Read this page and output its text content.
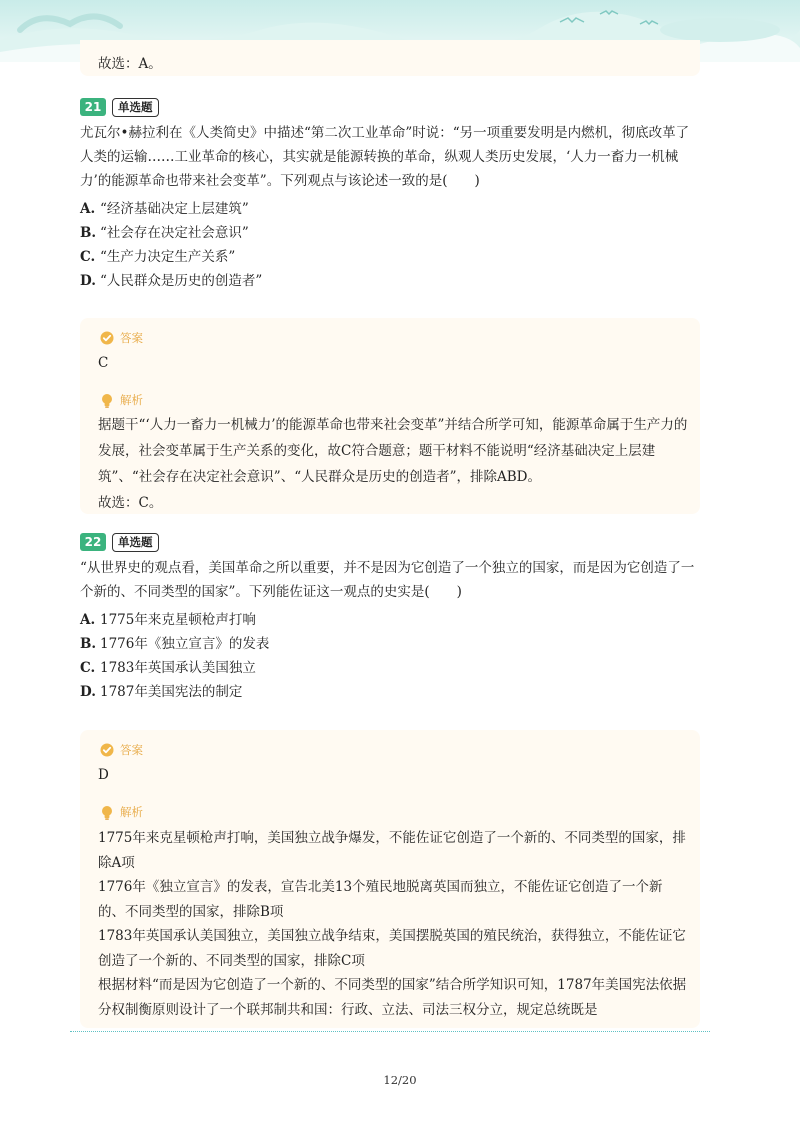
故选：A。

21	单选题

尤瓦尔•赫拉利在《人类简史》中描述“第二次工业革命”时说：“另一项重要发明是内燃机，彻底改革了人类的运输……工业革命的核心，其实就是能源转换的革命，纵观人类历史发展，‘人力一畜力一机械力’的能源革命也带来社会变革”。下列观点与该论述一致的是(　　)

A. “经济基础决定上层建筑”
B. “社会存在决定社会意识”
C. “生产力决定生产关系”
D. “人民群众是历史的创造者”
答案
C
解析

据题干“‘人力一畜力一机械力’的能源革命也带来社会变革”并结合所学可知，能源革命属于生产力的发展，社会变革属于生产关系的变化，故C符合题意；题干材料不能说明“经济基础决定上层建筑”、“社会存在决定社会意识”、“人民群众是历史的创造者”，排除ABD。

故选：C。

22	单选题

“从世界史的观点看，美国革命之所以重要，并不是因为它创造了一个独立的国家，而是因为它创造了一个新的、不同类型的国家”。下列能佐证这一观点的史实是(　　)

A. 1775年来克星顿枪声打响
B. 1776年《独立宣言》的发表
C. 1783年英国承认美国独立
D. 1787年美国宪法的制定
答案
D
解析

1775年来克星顿枪声打响，美国独立战争爆发，不能佐证它创造了一个新的、不同类型的国家，排除A项

1776年《独立宣言》的发表，宣告北美13个殖民地脱离英国而独立，不能佐证它创造了一个新的、不同类型的国家，排除B项

1783年英国承认美国独立，美国独立战争结束，美国摆脱英国的殖民统治，获得独立，不能佐证它创造了一个新的、不同类型的国家，排除C项

根据材料“而是因为它创造了一个新的、不同类型的国家”结合所学知识可知，1787年美国宪法依据分权制衡原则设计了一个联邦制共和国：行政、立法、司法三权分立，规定总统既是

12/20
